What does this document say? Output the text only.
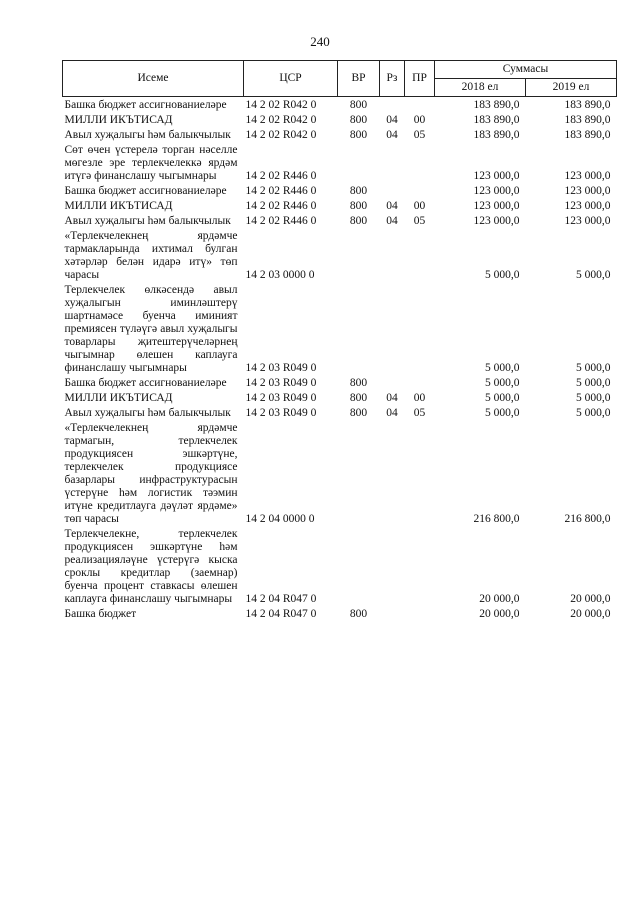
240
Исеме	ЦСР	ВР	Рз	ПР	Суммасы	
					2018 ел	2019 ел
Башка бюджет ассигнованиеләре	14 2 02 R042 0	800			183 890,0	183 890,0
МИЛЛИ ИКЪТИСАД	14 2 02 R042 0	800	04	00	183 890,0	183 890,0
Авыл хуҗалыгы һәм балыкчылык	14 2 02 R042 0	800	04	05	183 890,0	183 890,0
Сөт өчен үстерелә торган нәселле мөгезле эре терлекчелеккә ярдәм итүгә финанслашу чыгымнары	14 2 02 R446 0				123 000,0	123 000,0
Башка бюджет ассигнованиеләре	14 2 02 R446 0	800			123 000,0	123 000,0
МИЛЛИ ИКЪТИСАД	14 2 02 R446 0	800	04	00	123 000,0	123 000,0
Авыл хуҗалыгы һәм балыкчылык	14 2 02 R446 0	800	04	05	123 000,0	123 000,0
«Терлекчелекнең ярдәмче тармакларында ихтимал булган хәтәрләр белән идарә итү» төп чарасы	14 2 03 0000 0				5 000,0	5 000,0
Терлекчелек өлкәсендә авыл хуҗалыгын иминләштерү шартнамәсе буенча иминият премиясен түләүгә авыл хуҗалыгы товарлары җитештерүчеләрнең чыгымнар өлешен каплауга финанслашу чыгымнары	14 2 03 R049 0				5 000,0	5 000,0
Башка бюджет ассигнованиеләре	14 2 03 R049 0	800			5 000,0	5 000,0
МИЛЛИ ИКЪТИСАД	14 2 03 R049 0	800	04	00	5 000,0	5 000,0
Авыл хуҗалыгы һәм балыкчылык	14 2 03 R049 0	800	04	05	5 000,0	5 000,0
«Терлекчелекнең ярдәмче тармагын, терлекчелек продукциясен эшкәртүне, терлекчелек продукциясе базарлары инфраструктурасын үстерүне һәм логистик тәэмин итүне кредитлауга дәүләт ярдәме» төп чарасы	14 2 04 0000 0				216 800,0	216 800,0
Терлекчелекне, терлекчелек продукциясен эшкәртүне һәм реализацияләүне үстерүгә кыска сроклы кредитлар (заемнар) буенча процент ставкасы өлешен каплауга финанслашу чыгымнары	14 2 04 R047 0				20 000,0	20 000,0
Башка бюджет	14 2 04 R047 0	800			20 000,0	20 000,0
